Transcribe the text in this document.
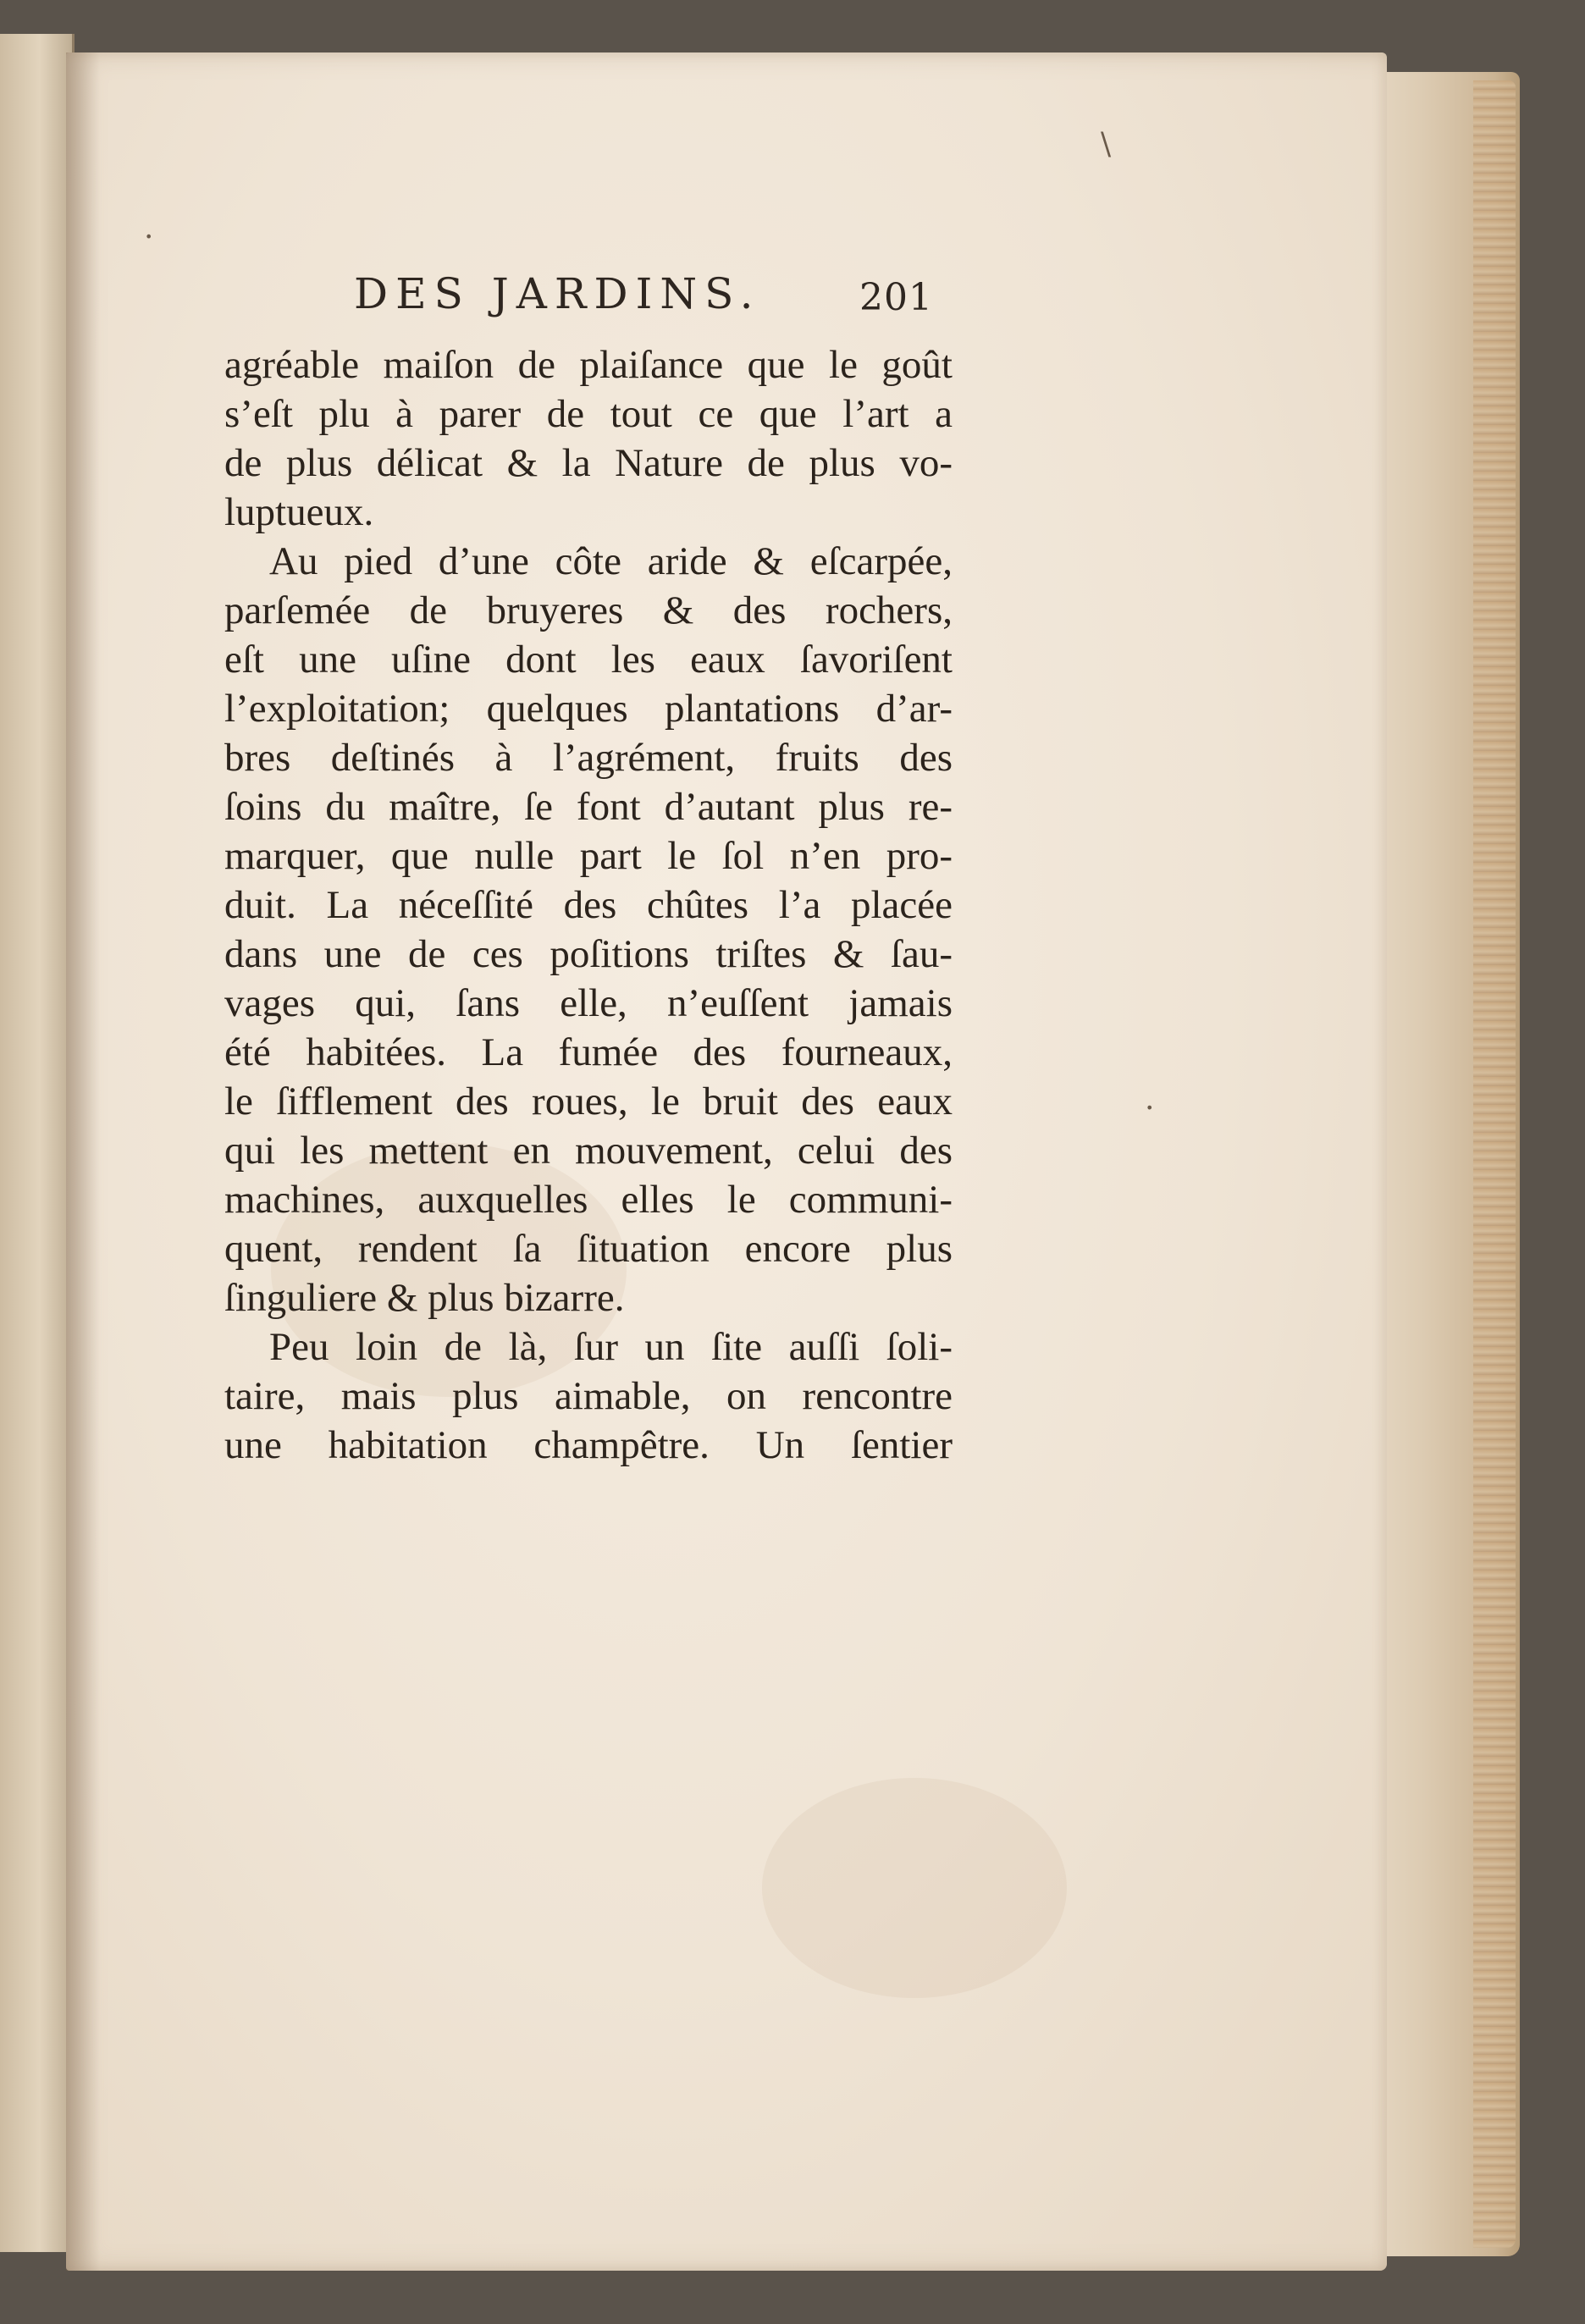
\
.
·
DES JARDINS.	201
agréable maiſon de plaiſance que le goût
s’eſt plu à parer de tout ce que l’art a
de plus délicat & la Nature de plus vo-
luptueux.
Au pied d’une côte aride & eſcarpée,
parſemée de bruyeres & des rochers,
eſt une uſine dont les eaux ſavoriſent
l’exploitation; quelques plantations d’ar-
bres deſtinés à l’agrément, fruits des
ſoins du maître, ſe font d’autant plus re-
marquer, que nulle part le ſol n’en pro-
duit. La néceſſité des chûtes l’a placée
dans une de ces poſitions triſtes & ſau-
vages qui, ſans elle, n’euſſent jamais
été habitées. La fumée des fourneaux,
le ſifflement des roues, le bruit des eaux
qui les mettent en mouvement, celui des
machines, auxquelles elles le communi-
quent, rendent ſa ſituation encore plus
ſinguliere & plus bizarre.
Peu loin de là, ſur un ſite auſſi ſoli-
taire, mais plus aimable, on rencontre
une habitation champêtre. Un ſentier
